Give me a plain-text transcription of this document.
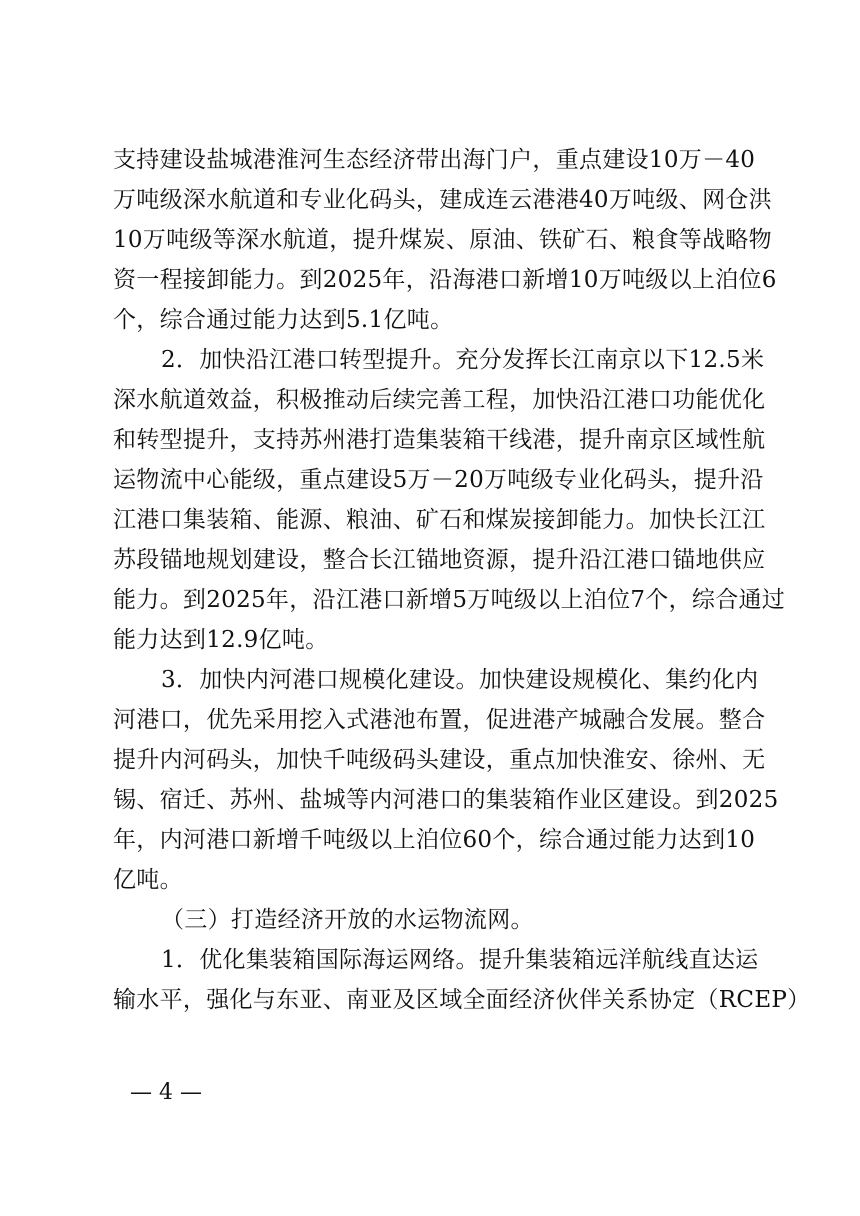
支持建设盐城港淮河生态经济带出海门户，重点建设10万－40
万吨级深水航道和专业化码头，建成连云港港40万吨级、网仓洪
10万吨级等深水航道，提升煤炭、原油、铁矿石、粮食等战略物
资一程接卸能力。到2025年，沿海港口新增10万吨级以上泊位6
个，综合通过能力达到5.1亿吨。

2．加快沿江港口转型提升。充分发挥长江南京以下12.5米
深水航道效益，积极推动后续完善工程，加快沿江港口功能优化
和转型提升，支持苏州港打造集装箱干线港，提升南京区域性航
运物流中心能级，重点建设5万－20万吨级专业化码头，提升沿
江港口集装箱、能源、粮油、矿石和煤炭接卸能力。加快长江江
苏段锚地规划建设，整合长江锚地资源，提升沿江港口锚地供应
能力。到2025年，沿江港口新增5万吨级以上泊位7个，综合通过
能力达到12.9亿吨。

3．加快内河港口规模化建设。加快建设规模化、集约化内
河港口，优先采用挖入式港池布置，促进港产城融合发展。整合
提升内河码头，加快千吨级码头建设，重点加快淮安、徐州、无
锡、宿迁、苏州、盐城等内河港口的集装箱作业区建设。到2025
年，内河港口新增千吨级以上泊位60个，综合通过能力达到10
亿吨。

（三）打造经济开放的水运物流网。

1．优化集装箱国际海运网络。提升集装箱远洋航线直达运
输水平，强化与东亚、南亚及区域全面经济伙伴关系协定（RCEP）

— 4 —
